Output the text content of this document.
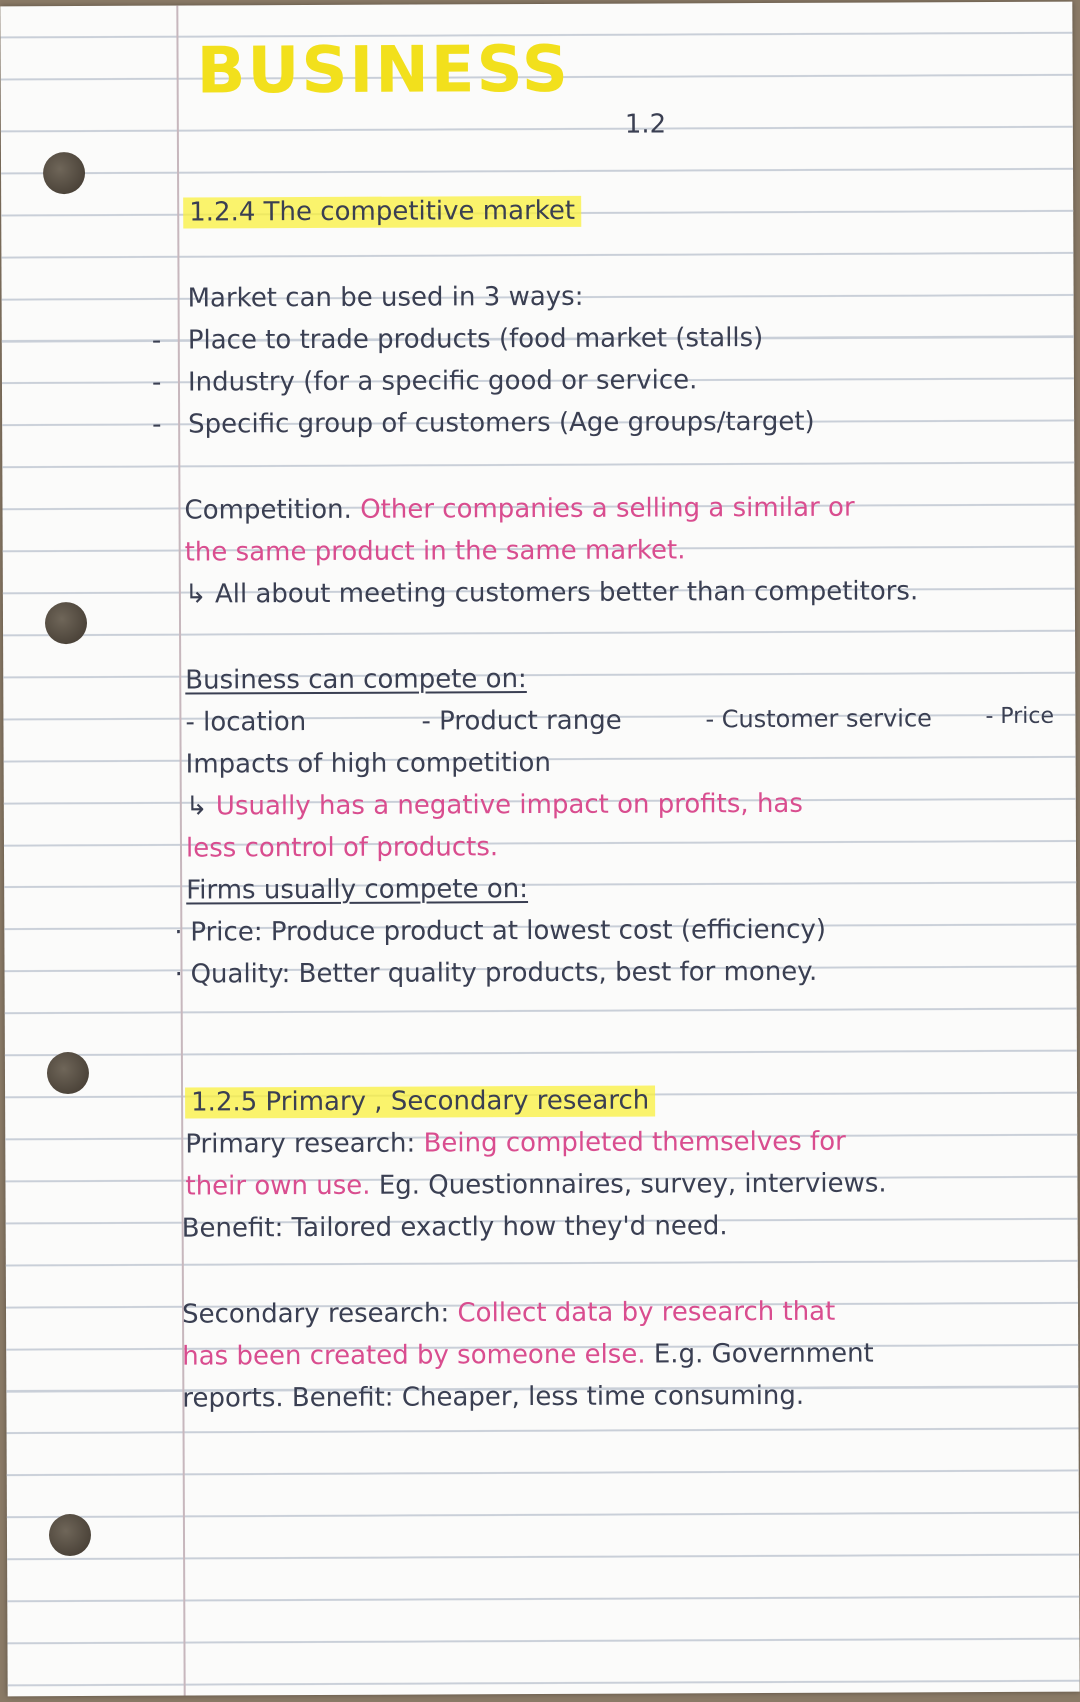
BUSINESS
1.2
1.2.4 The competitive market
Market can be used in 3 ways:
- Place to trade products (food market (stalls)
- Industry (for a specific good or service.
- Specific group of customers (Age groups/target)
Competition. Other companies a selling a similar or
the same product in the same market.
↳ All about meeting customers better than competitors.
Business can compete on:
- location	- Product range	- Customer service - Price
Impacts of high competition
↳ Usually has a negative impact on profits, has
less control of products.
Firms usually compete on:
· Price: Produce product at lowest cost (efficiency)
· Quality: Better quality products, best for money.
1.2.5 Primary , Secondary research
Primary research: Being completed themselves for
their own use. Eg. Questionnaires, survey, interviews.
Benefit: Tailored exactly how they'd need.
Secondary research: Collect data by research that
has been created by someone else. E.g. Government
reports. Benefit: Cheaper, less time consuming.
